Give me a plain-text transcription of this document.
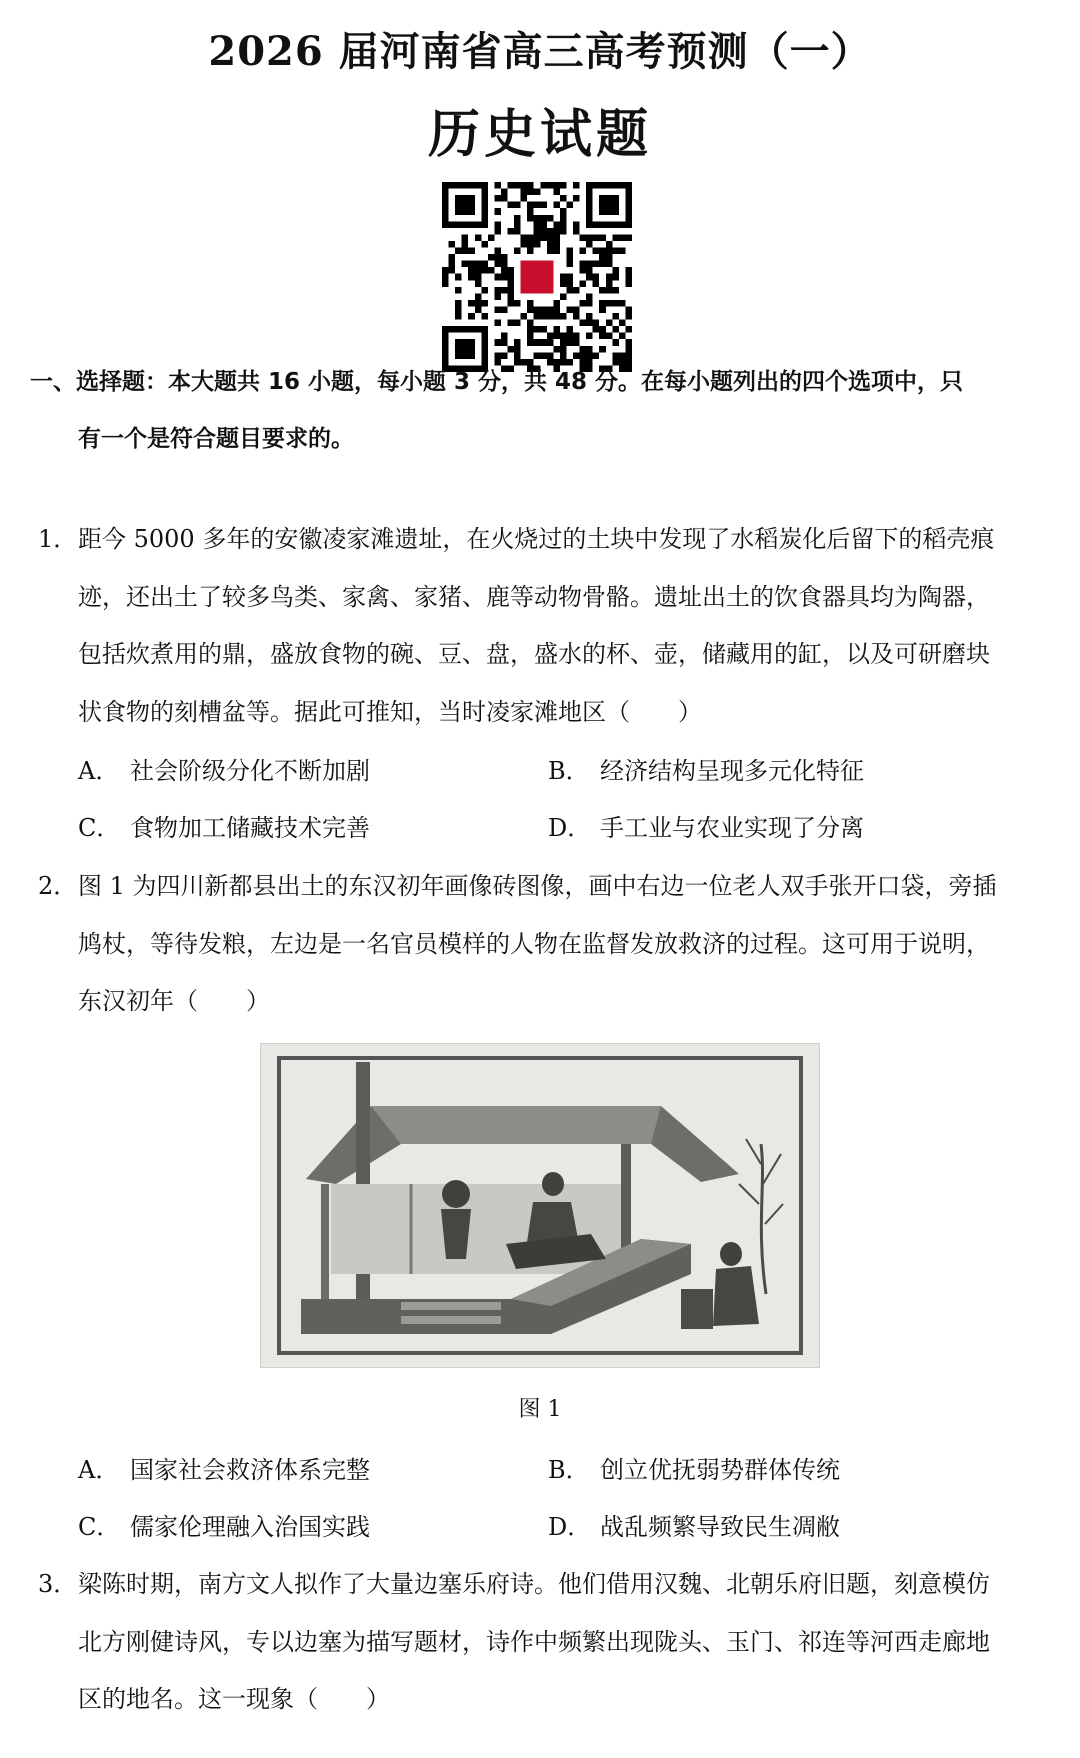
2026 届河南省高三高考预测（一）
历史试题
一、选择题：本大题共 16 小题，每小题 3 分，共 48 分。在每小题列出的四个选项中，只
有一个是符合题目要求的。
1． 距今 5000 多年的安徽凌家滩遗址，在火烧过的土块中发现了水稻炭化后留下的稻壳痕
迹，还出土了较多鸟类、家禽、家猪、鹿等动物骨骼。遗址出土的饮食器具均为陶器，
包括炊煮用的鼎，盛放食物的碗、豆、盘，盛水的杯、壶，储藏用的缸，以及可研磨块
状食物的刻槽盆等。据此可推知，当时凌家滩地区（　　）
A． 社会阶级分化不断加剧	B． 经济结构呈现多元化特征
C． 食物加工储藏技术完善	D． 手工业与农业实现了分离
2． 图 1 为四川新都县出土的东汉初年画像砖图像，画中右边一位老人双手张开口袋，旁插
鸠杖，等待发粮，左边是一名官员模样的人物在监督发放救济的过程。这可用于说明，
东汉初年（　　）
图 1
A． 国家社会救济体系完整	B． 创立优抚弱势群体传统
C． 儒家伦理融入治国实践	D． 战乱频繁导致民生凋敝
3． 梁陈时期，南方文人拟作了大量边塞乐府诗。他们借用汉魏、北朝乐府旧题，刻意模仿
北方刚健诗风，专以边塞为描写题材，诗作中频繁出现陇头、玉门、祁连等河西走廊地
区的地名。这一现象（　　）
